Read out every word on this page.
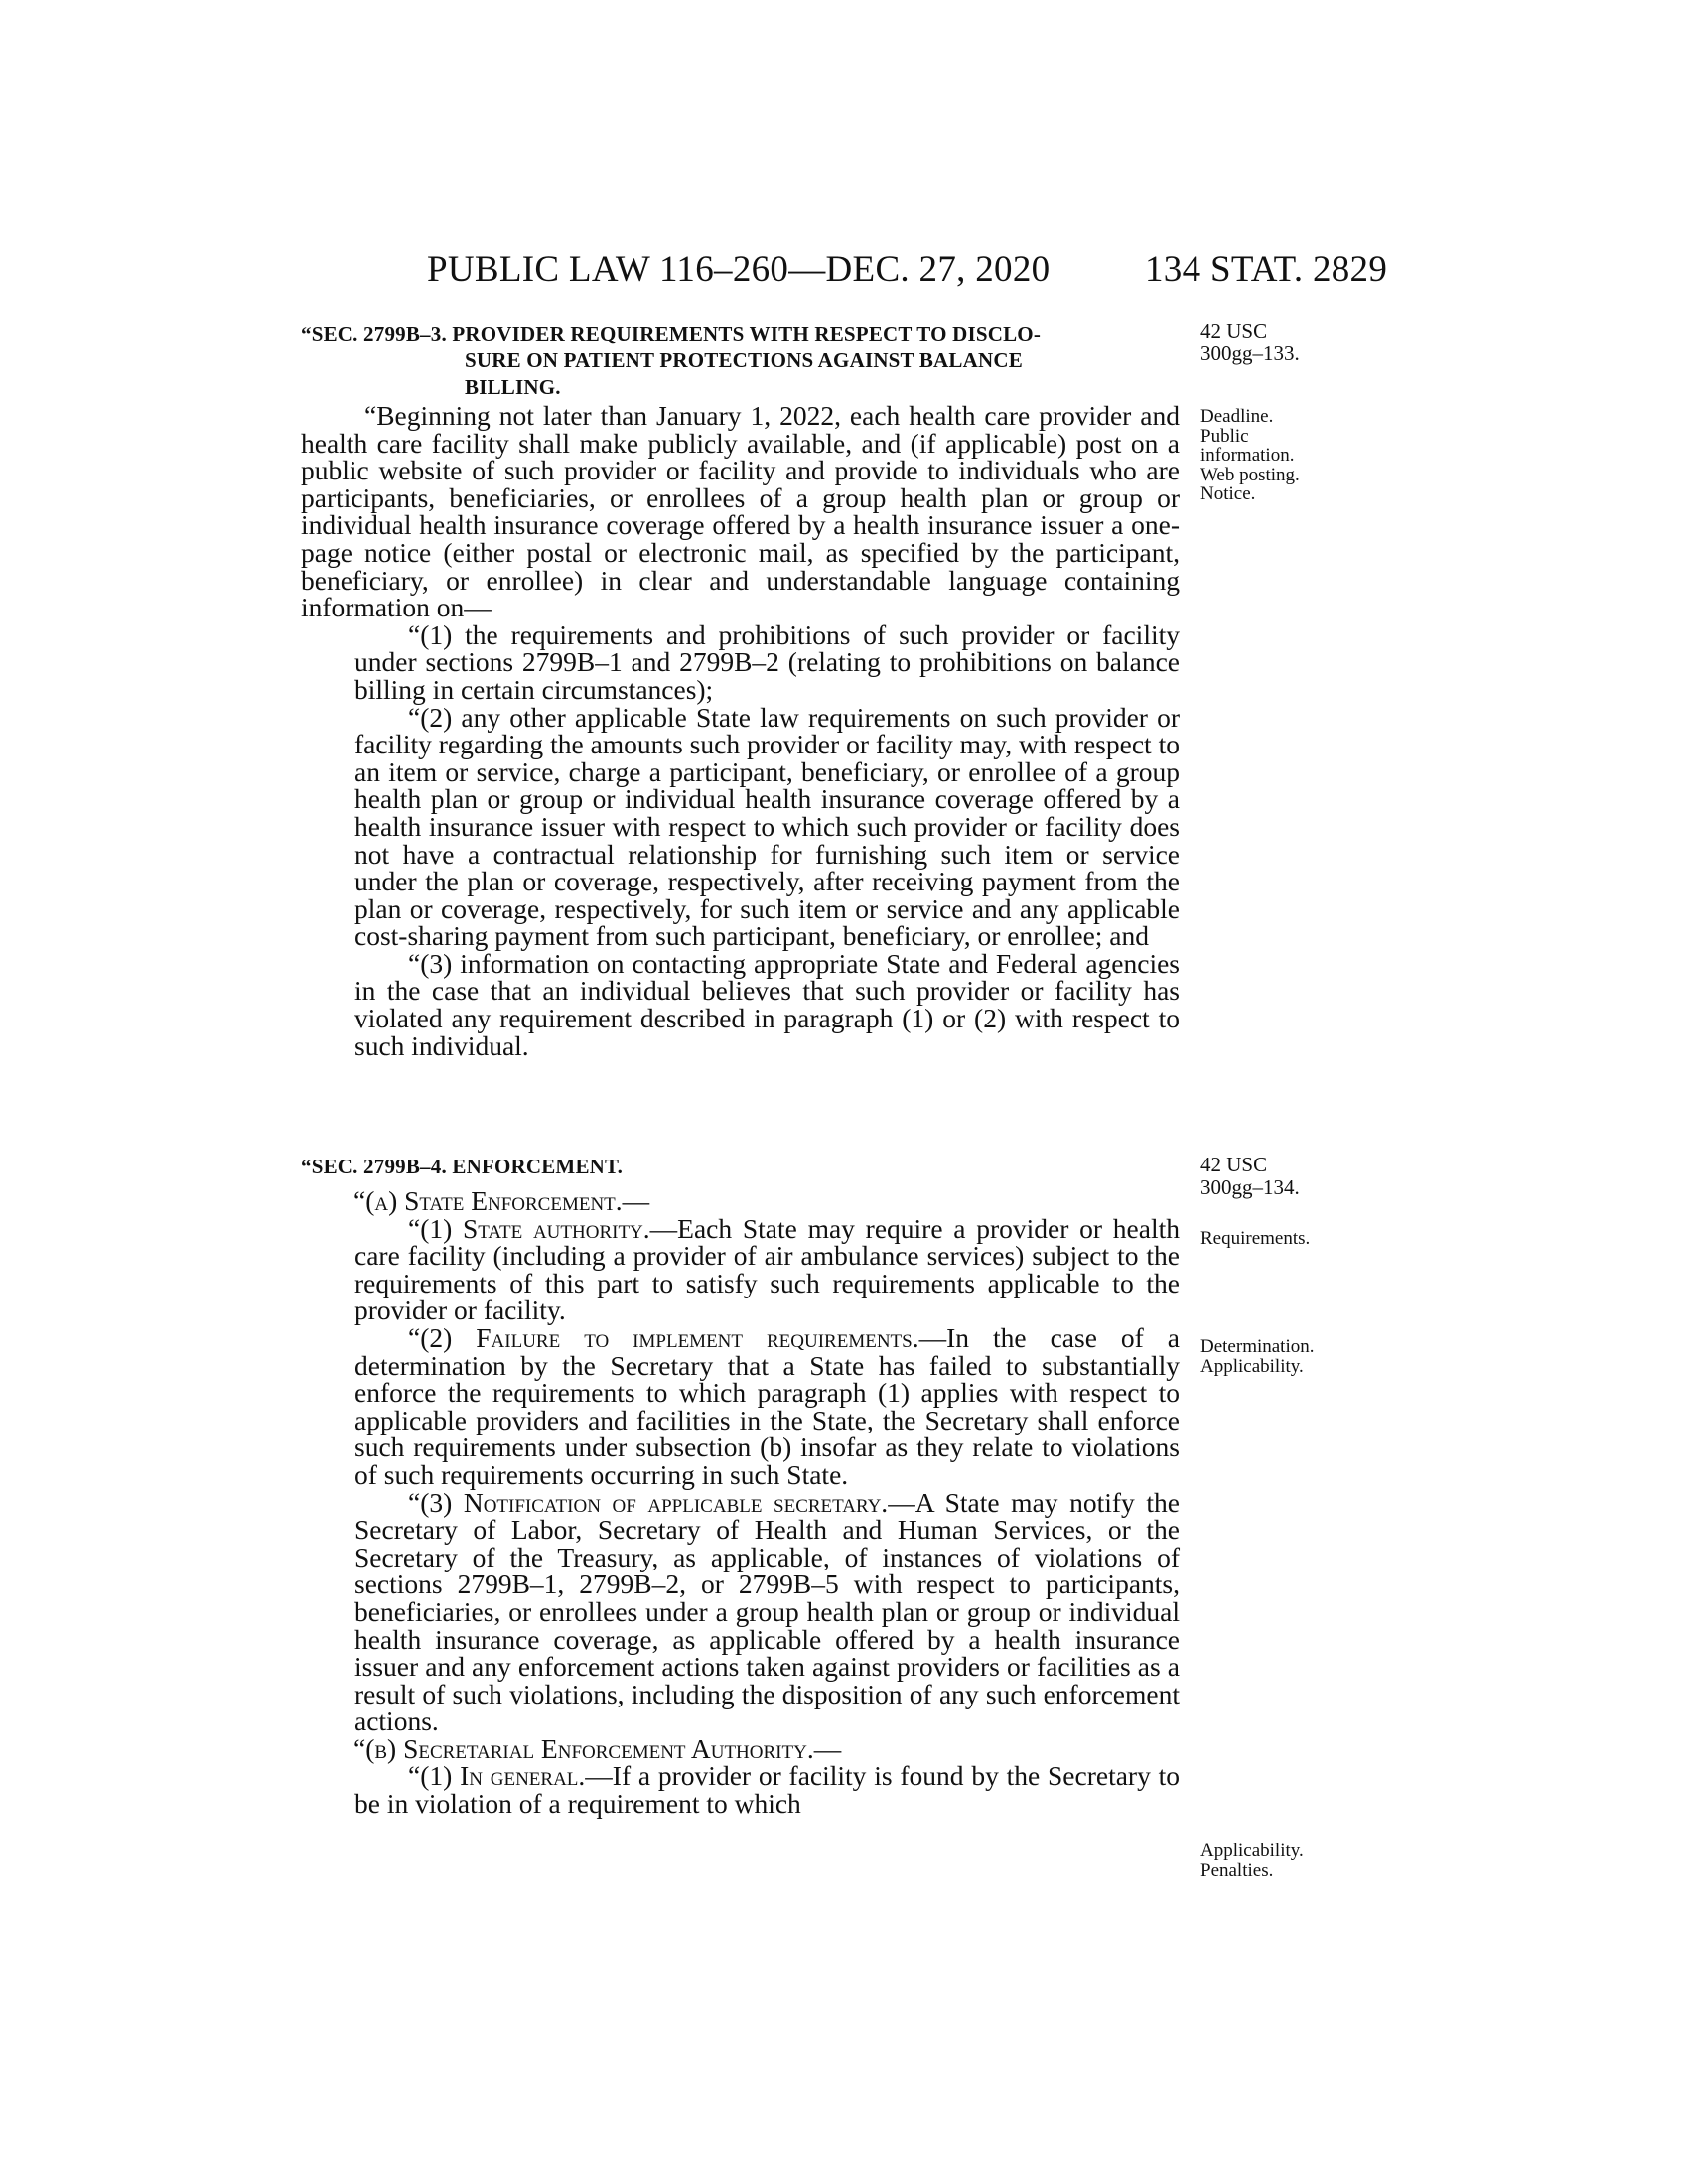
PUBLIC LAW 116–260—DEC. 27, 2020	134 STAT. 2829
“SEC. 2799B–3. PROVIDER REQUIREMENTS WITH RESPECT TO DISCLO-
SURE ON PATIENT PROTECTIONS AGAINST BALANCE
BILLING.

“Beginning not later than January 1, 2022, each health care provider and health care facility shall make publicly available, and (if applicable) post on a public website of such provider or facility and provide to individuals who are participants, beneficiaries, or enrollees of a group health plan or group or individual health insurance coverage offered by a health insurance issuer a one-page notice (either postal or electronic mail, as specified by the participant, beneficiary, or enrollee) in clear and understandable language containing information on—

“(1) the requirements and prohibitions of such provider or facility under sections 2799B–1 and 2799B–2 (relating to prohibitions on balance billing in certain circumstances);

“(2) any other applicable State law requirements on such provider or facility regarding the amounts such provider or facility may, with respect to an item or service, charge a participant, beneficiary, or enrollee of a group health plan or group or individual health insurance coverage offered by a health insurance issuer with respect to which such provider or facility does not have a contractual relationship for furnishing such item or service under the plan or coverage, respectively, after receiving payment from the plan or coverage, respectively, for such item or service and any applicable cost-sharing payment from such participant, beneficiary, or enrollee; and

“(3) information on contacting appropriate State and Federal agencies in the case that an individual believes that such provider or facility has violated any requirement described in paragraph (1) or (2) with respect to such individual.

“SEC. 2799B–4. ENFORCEMENT.

“(a) State Enforcement.—

“(1) State authority.—Each State may require a provider or health care facility (including a provider of air ambulance services) subject to the requirements of this part to satisfy such requirements applicable to the provider or facility.

“(2) Failure to implement requirements.—In the case of a determination by the Secretary that a State has failed to substantially enforce the requirements to which paragraph (1) applies with respect to applicable providers and facilities in the State, the Secretary shall enforce such requirements under subsection (b) insofar as they relate to violations of such requirements occurring in such State.

“(3) Notification of applicable secretary.—A State may notify the Secretary of Labor, Secretary of Health and Human Services, or the Secretary of the Treasury, as applicable, of instances of violations of sections 2799B–1, 2799B–2, or 2799B–5 with respect to participants, beneficiaries, or enrollees under a group health plan or group or individual health insurance coverage, as applicable offered by a health insurance issuer and any enforcement actions taken against providers or facilities as a result of such violations, including the disposition of any such enforcement actions.

“(b) Secretarial Enforcement Authority.—

“(1) In general.—If a provider or facility is found by the Secretary to be in violation of a requirement to which

42 USC
300gg–133.
Deadline.
Public
information.
Web posting.
Notice.
42 USC
300gg–134.
Requirements.
Determination.
Applicability.
Applicability.
Penalties.
